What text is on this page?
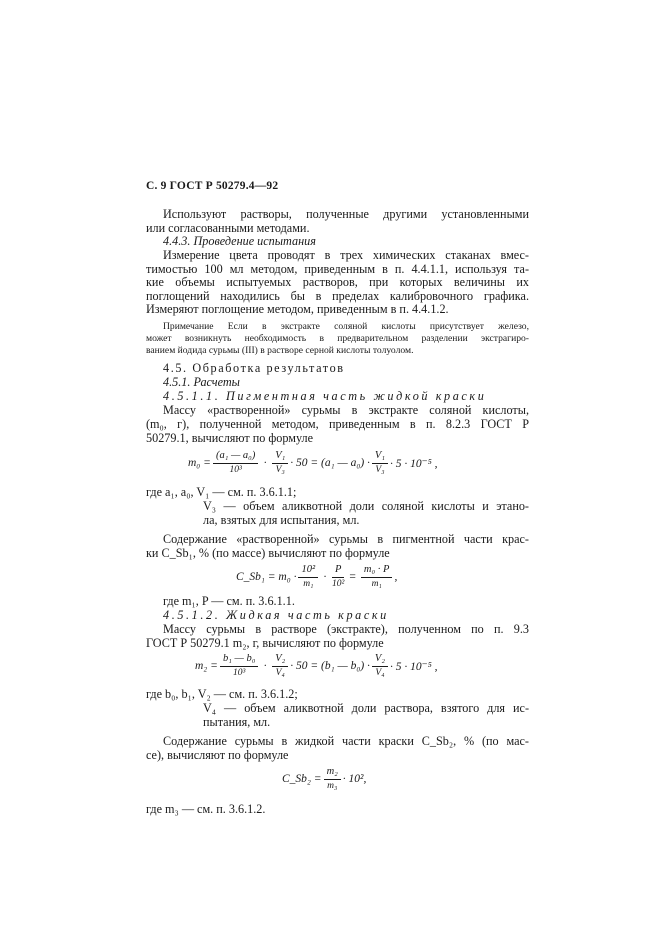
С. 9 ГОСТ Р 50279.4—92
Используют растворы, полученные другими установленными
или согласованными методами.
4.4.3. Проведение испытания
Измерение цвета проводят в трех химических стаканах вмес-
тимостью 100 мл методом, приведенным в п. 4.4.1.1, используя та-
кие объемы испытуемых растворов, при которых величины их
поглощений находились бы в пределах калибровочного графика.
Измеряют поглощение методом, приведенным в п. 4.4.1.2.
Примечание Если в экстракте соляной кислоты присутствует железо,
может возникнуть необходимость в предварительном разделении экстрагиро-
ванием йодида сурьмы (III) в растворе серной кислоты толуолом.
4.5. Обработка результатов
4.5.1. Расчеты
4.5.1.1. Пигментная часть жидкой краски
Массу «растворенной» сурьмы в экстракте соляной кислоты,
(m₀, г), полученной методом, приведенным в п. 8.2.3 ГОСТ Р
50279.1, вычисляют по формуле
$m_0 = \frac{\text{(a₁ — a₀)}}{\text{10³}} \cdot \frac{\text{V₁}}{\text{V₃}} \cdot 50 = (a_1$ — $a_0) \cdot \frac{\text{V₁}}{\text{V₃}} \cdot 5 \cdot 10^{-5}$ ,
где a₁, a₀, V₁ — см. п. 3.6.1.1;
V₃ — объем аликвотной доли соляной кислоты и этано-
ла, взятых для испытания, мл.
Содержание «растворенной» сурьмы в пигментной части крас-
ки C_Sb₁, % (по массе) вычисляют по формуле
C_Sb₁ = $m_0 \cdot \frac{\text{10²}}{\text{m₁}} \cdot \frac{P}{\text{10²}} = \frac{\text{m₀ · P}}{\text{m₁}}$ ,
где m₁, P — см. п. 3.6.1.1.
4.5.1.2. Жидкая часть краски
Массу сурьмы в растворе (экстракте), полученном по п. 9.3
ГОСТ Р 50279.1 m₂, г, вычисляют по формуле
$m_2 = \frac{\text{b₁ — b₀}}{\text{10³}} \cdot \frac{\text{V₂}}{\text{V₄}} \cdot 50 = (b_1$ — $b_0) \cdot \frac{\text{V₂}}{\text{V₄}} \cdot 5 \cdot 10^{-5}$ ,
где b₀, b₁, V₂ — см. п. 3.6.1.2;
V₄ — объем аликвотной доли раствора, взятого для ис-
пытания, мл.
Содержание сурьмы в жидкой части краски C_Sb₂, % (по мас-
се), вычисляют по формуле
C_Sb₂ = $\frac{\text{m₂}}{\text{m₃}} \cdot 10^2$,
где m₃ — см. п. 3.6.1.2.
